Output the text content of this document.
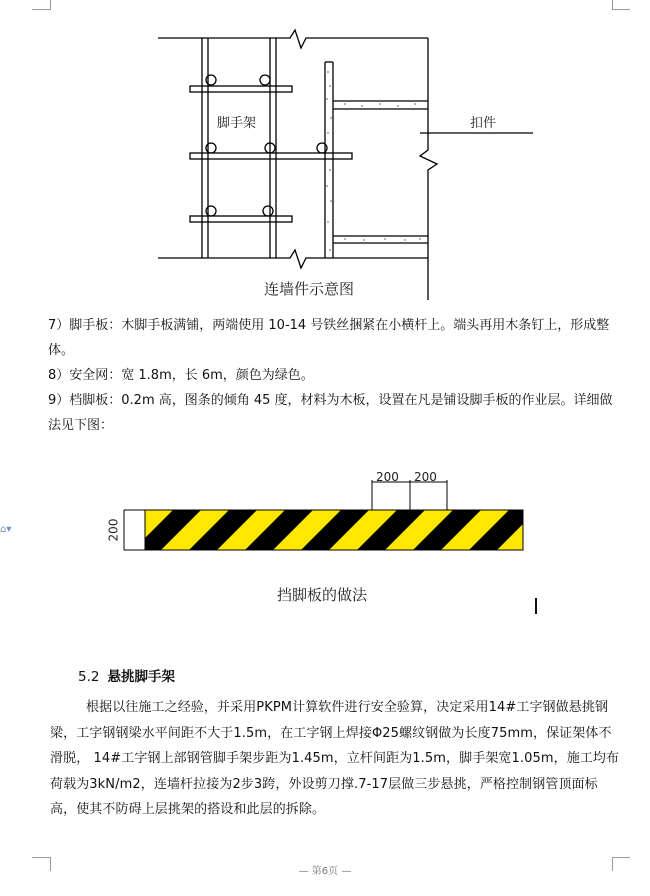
脚手架	扣件
连墙件示意图

7）脚手板：木脚手板满铺，两端使用 10-14 号铁丝捆紧在小横杆上。端头再用木条钉上，形成整体。

8）安全网：宽 1.8m，长 6m，颜色为绿色。

9）档脚板：0.2m 高，图条的倾角 45 度，材料为木板，设置在凡是铺设脚手板的作业层。详细做法见下图：

200 200
200
挡脚板的做法
⌂▾
5.2 悬挑脚手架
根据以往施工之经验，并采用PKPM计算软件进行安全验算，决定采用14#工字钢做悬挑钢梁，工字钢钢梁水平间距不大于1.5m，在工字钢上焊接Φ25螺纹钢做为长度75mm，保证架体不滑脱， 14#工字钢上部钢管脚手架步距为1.45m，立杆间距为1.5m，脚手架宽1.05m，施工均布荷载为3kN/m2，连墙杆拉接为2步3跨，外设剪刀撑.7-17层做三步悬挑，严格控制钢管顶面标高，使其不防碍上层挑架的搭设和此层的拆除。
— 第6页 —
